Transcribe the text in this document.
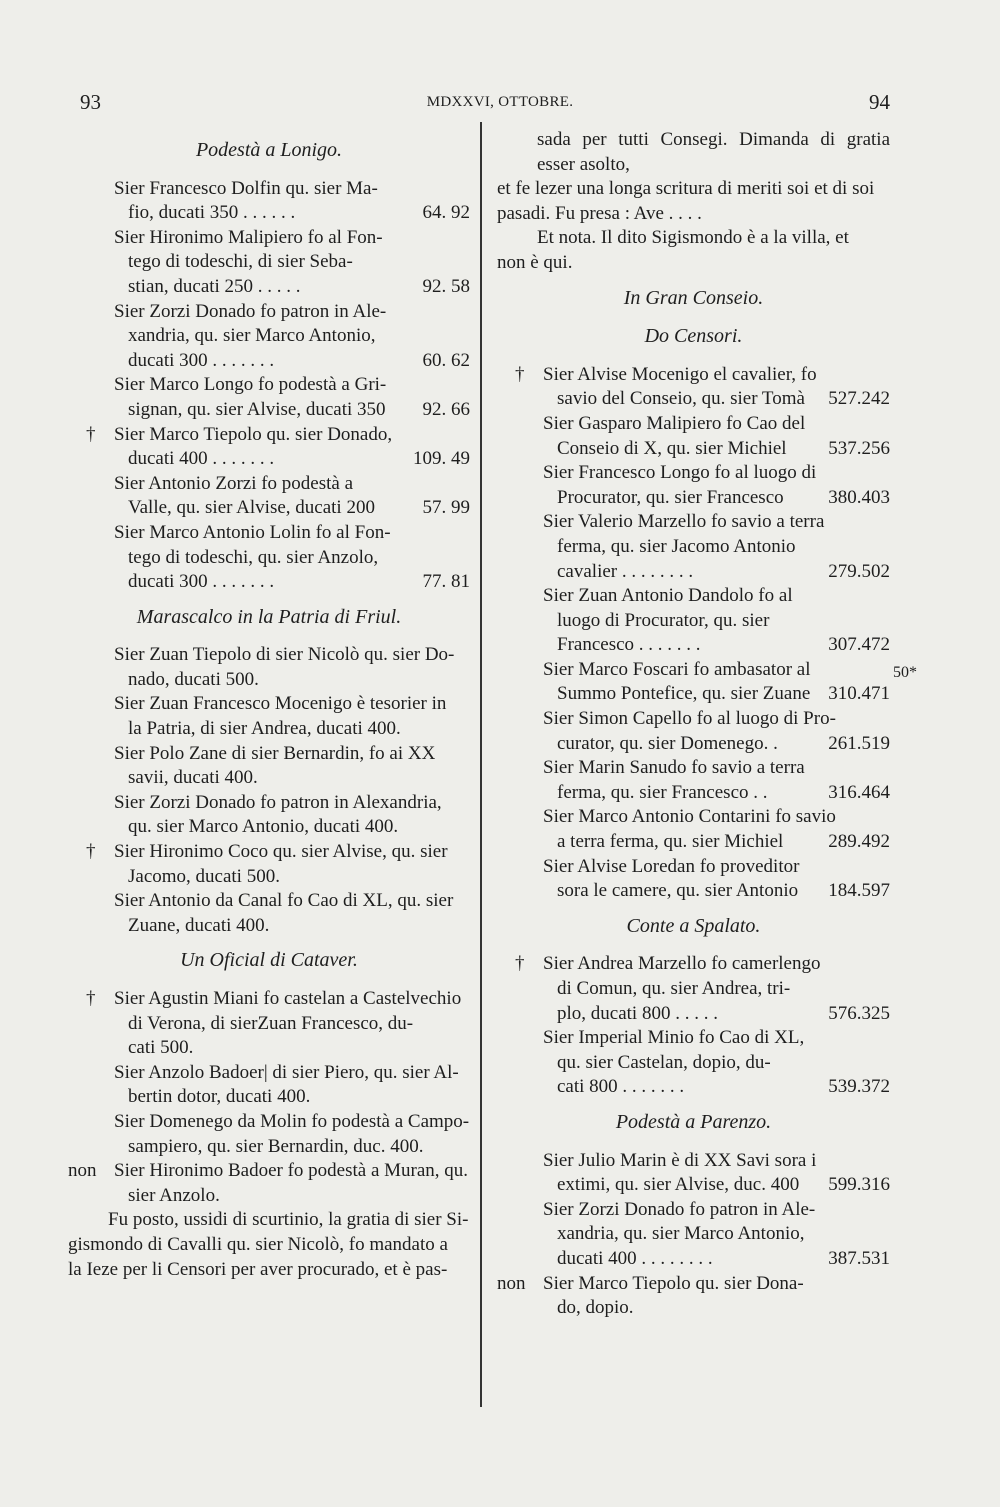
93	MDXXVI, OTTOBRE.	94
Podestà a Lonigo.
Sier Francesco Dolfin qu. sier Ma-
fio, ducati 350 . . . . . .	64. 92
Sier Hironimo Malipiero fo al Fon-
tego di todeschi, di sier Seba-
stian, ducati 250 . . . . .	92. 58
Sier Zorzi Donado fo patron in Ale-
xandria, qu. sier Marco Antonio,
ducati 300 . . . . . . .	60. 62
Sier Marco Longo fo podestà a Gri-
signan, qu. sier Alvise, ducati 350	92. 66
† Sier Marco Tiepolo qu. sier Donado,
ducati 400 . . . . . . .	109. 49
Sier Antonio Zorzi fo podestà a
Valle, qu. sier Alvise, ducati 200	57. 99
Sier Marco Antonio Lolin fo al Fon-
tego di todeschi, qu. sier Anzolo,
ducati 300 . . . . . . .	77. 81
Marascalco in la Patria di Friul.
Sier Zuan Tiepolo di sier Nicolò qu. sier Do-
nado, ducati 500.
Sier Zuan Francesco Mocenigo è tesorier in
la Patria, di sier Andrea, ducati 400.
Sier Polo Zane di sier Bernardin, fo ai XX
savii, ducati 400.
Sier Zorzi Donado fo patron in Alexandria,
qu. sier Marco Antonio, ducati 400.
† Sier Hironimo Coco qu. sier Alvise, qu. sier
Jacomo, ducati 500.
Sier Antonio da Canal fo Cao di XL, qu. sier
Zuane, ducati 400.
Un Oficial di Cataver.
† Sier Agustin Miani fo castelan a Castelvechio
di Verona, di sierZuan Francesco, du-
cati 500.
Sier Anzolo Badoer| di sier Piero, qu. sier Al-
bertin dotor, ducati 400.
Sier Domenego da Molin fo podestà a Campo-
sampiero, qu. sier Bernardin, duc. 400.
non Sier Hironimo Badoer fo podestà a Muran, qu.
sier Anzolo.
Fu posto, ussidi di scurtinio, la gratia di sier Si-
gismondo di Cavalli qu. sier Nicolò, fo mandato a
la Ieze per li Censori per aver procurado, et è pas-
sada per tutti Consegi. Dimanda di gratia esser asolto,
et fe lezer una longa scritura di meriti soi et di soi
pasadi. Fu presa : Ave . . . .
Et nota. Il dito Sigismondo è a la villa, et
non è qui.
In Gran Conseio.
Do Censori.
† Sier Alvise Mocenigo el cavalier, fo
savio del Conseio, qu. sier Tomà	527.242
Sier Gasparo Malipiero fo Cao del
Conseio di X, qu. sier Michiel	537.256
Sier Francesco Longo fo al luogo di
Procurator, qu. sier Francesco	380.403
Sier Valerio Marzello fo savio a terra
ferma, qu. sier Jacomo Antonio
cavalier . . . . . . . .	279.502
Sier Zuan Antonio Dandolo fo al
luogo di Procurator, qu. sier
Francesco . . . . . . .	307.472
Sier Marco Foscari fo ambasator al
Summo Pontefice, qu. sier Zuane 310.471
Sier Simon Capello fo al luogo di Pro-
curator, qu. sier Domenego. .	261.519
Sier Marin Sanudo fo savio a terra
ferma, qu. sier Francesco . .	316.464
Sier Marco Antonio Contarini fo savio
a terra ferma, qu. sier Michiel	289.492
Sier Alvise Loredan fo proveditor
sora le camere, qu. sier Antonio	184.597
Conte a Spalato.
† Sier Andrea Marzello fo camerlengo
di Comun, qu. sier Andrea, tri-
plo, ducati 800 . . . . .	576.325
Sier Imperial Minio fo Cao di XL,
qu. sier Castelan, dopio, du-
cati 800 . . . . . . .	539.372
Podestà a Parenzo.
Sier Julio Marin è di XX Savi sora i
extimi, qu. sier Alvise, duc. 400	599.316
Sier Zorzi Donado fo patron in Ale-
xandria, qu. sier Marco Antonio,
ducati 400 . . . . . . . .	387.531
non Sier Marco Tiepolo qu. sier Dona-
do, dopio.
50*
